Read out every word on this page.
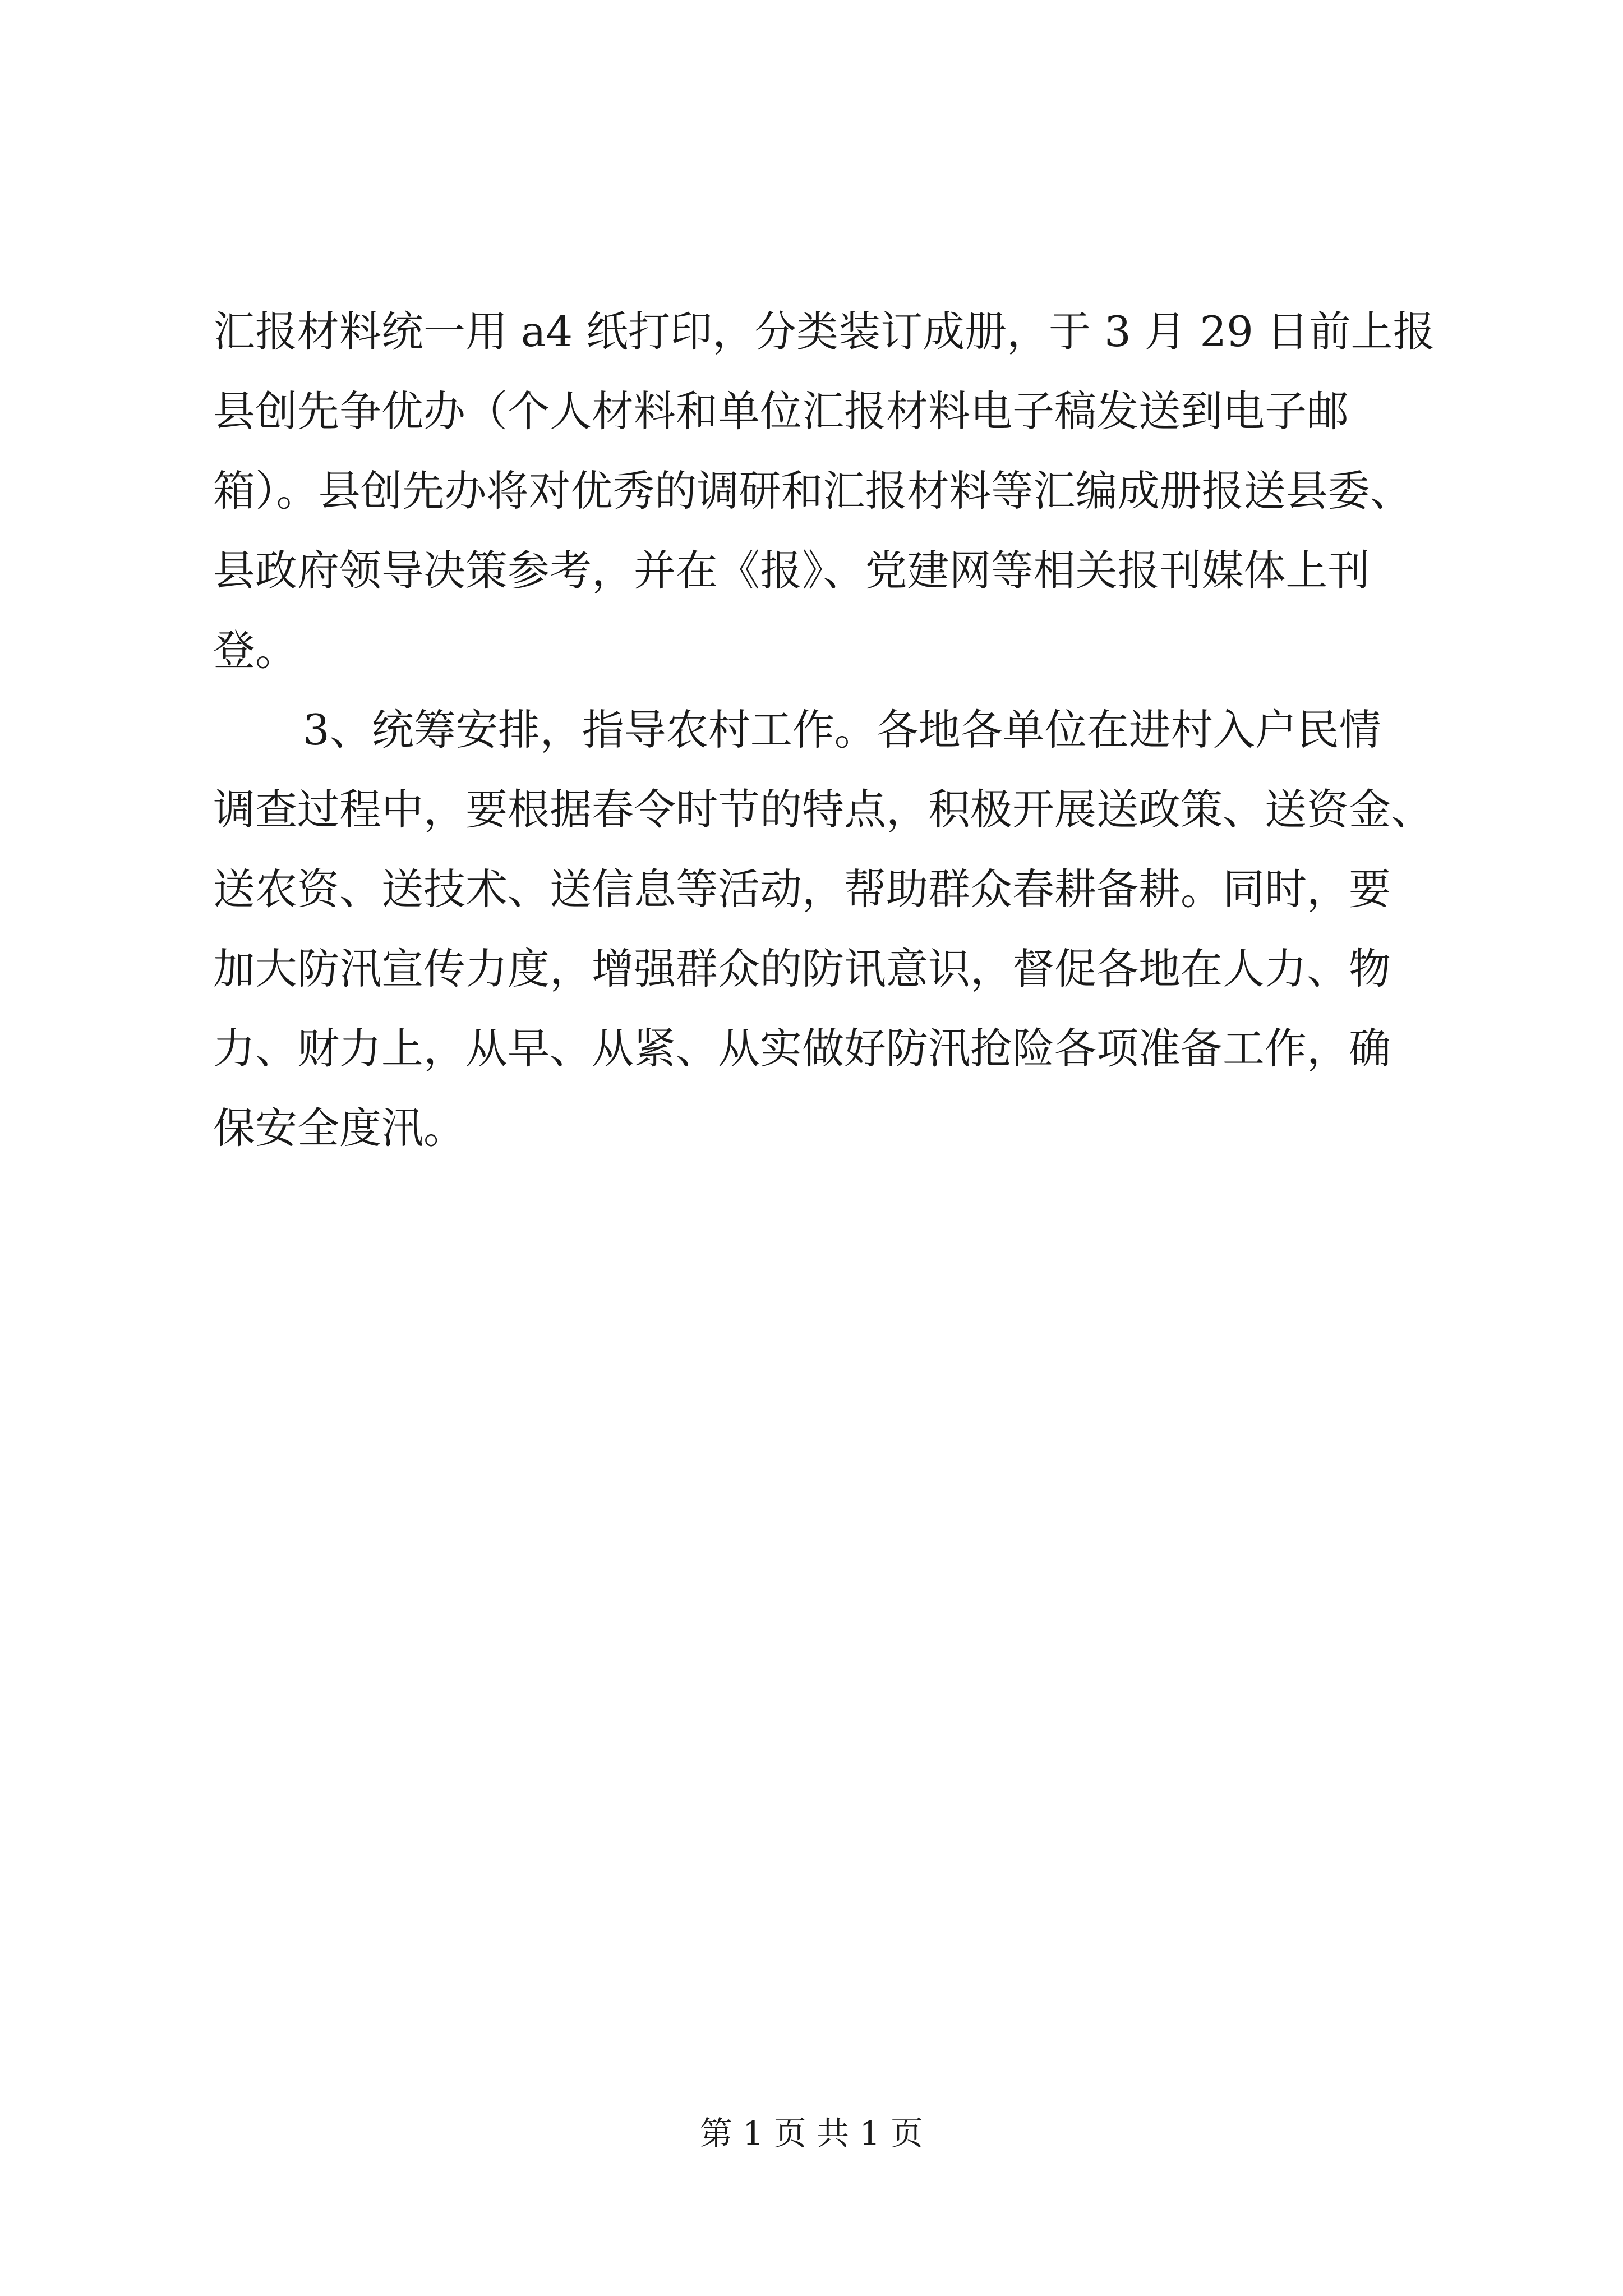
汇报材料统一用 a4 纸打印，分类装订成册，于 3 月 29 日前上报
县创先争优办（个人材料和单位汇报材料电子稿发送到电子邮
箱）。县创先办将对优秀的调研和汇报材料等汇编成册报送县委、
县政府领导决策参考，并在《报》、党建网等相关报刊媒体上刊
登。
3、统筹安排，指导农村工作。各地各单位在进村入户民情
调查过程中，要根据春令时节的特点，积极开展送政策、送资金、
送农资、送技术、送信息等活动，帮助群众春耕备耕。同时，要
加大防汛宣传力度，增强群众的防讯意识，督促各地在人力、物
力、财力上，从早、从紧、从实做好防汛抢险各项准备工作，确
保安全度汛。
第 1 页 共 1 页
